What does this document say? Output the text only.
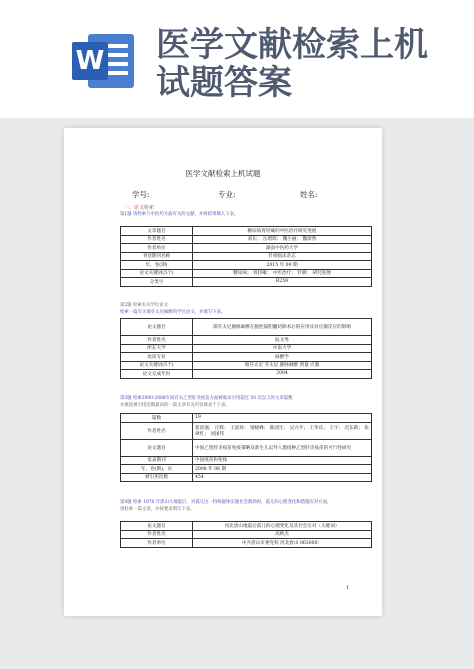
W 医学文献检索上机试题答案
医学文献检索上机试题
学号:	专业:	姓名:
一、论文检索
第1题 请检索与中医药方面有关的文献，并将结果填入下表。
文章题目	糖尿病胃轻瘫的中医治疗研究进展
作者姓名	刘东； 岳增辉； 魏小丽； 魏歆然
作者单位	湖南中医药大学
刊登期刊名称	针灸临床杂志
年，卷(期)	2015 年 09 期
论文关键词(5个)	糖尿病； 胃轻瘫； 中医治疗； 针刺； 研究进展
分类号	R259
第2题 检索有关学位论文
检索一篇有关瑞芬太尼麻醉的学位论文，并填写下表。
论文题目	瑞芬太尼静脉麻醉在腹腔镜胆囊切除术后的应用及对应激反应的影响
作者姓名	阮文秀
所在大学	中南大学
攻读专业	麻醉学
论文关键词(5个)	瑞芬太尼 芬太尼 静脉麻醉 剂量 应激
论文完成年份	2004
第3题 检索2000-2008年间有关乙型肝炎疫苗方面被收录引用超过 50 次以上的文章篇数
并挑选被引用次数最高的一篇文章有关内容填表于下表。
篇数	19
作者姓名	崔富强； 庄辉； 王富珍； 梁晓峰； 陈园生； 吴兴平； 王华庆； 王宇； 迟东莉； 张翠红； 刘国伟
论文题目	中国乙型肝炎疫苗免疫策略及新生儿以外人群接种乙型肝炎疫苗的可行性研究
发表期刊	中国疫苗和免疫
年，卷(期)，页	2008 年 06 期
被引用次数	454
第4题 检索 1976 年唐山大地震后，对孤儿这一特殊群体实施社会救助时，孤儿的心理变化和措施应对方面，
请检索一篇文章，并按要求填写下表。
论文题目	河北唐山地震后孤儿的心理变化及其社会应对（关键词）
作者姓名	高秋杰
作者单位	中共唐山市委党校 河北唐山 063000；
1
